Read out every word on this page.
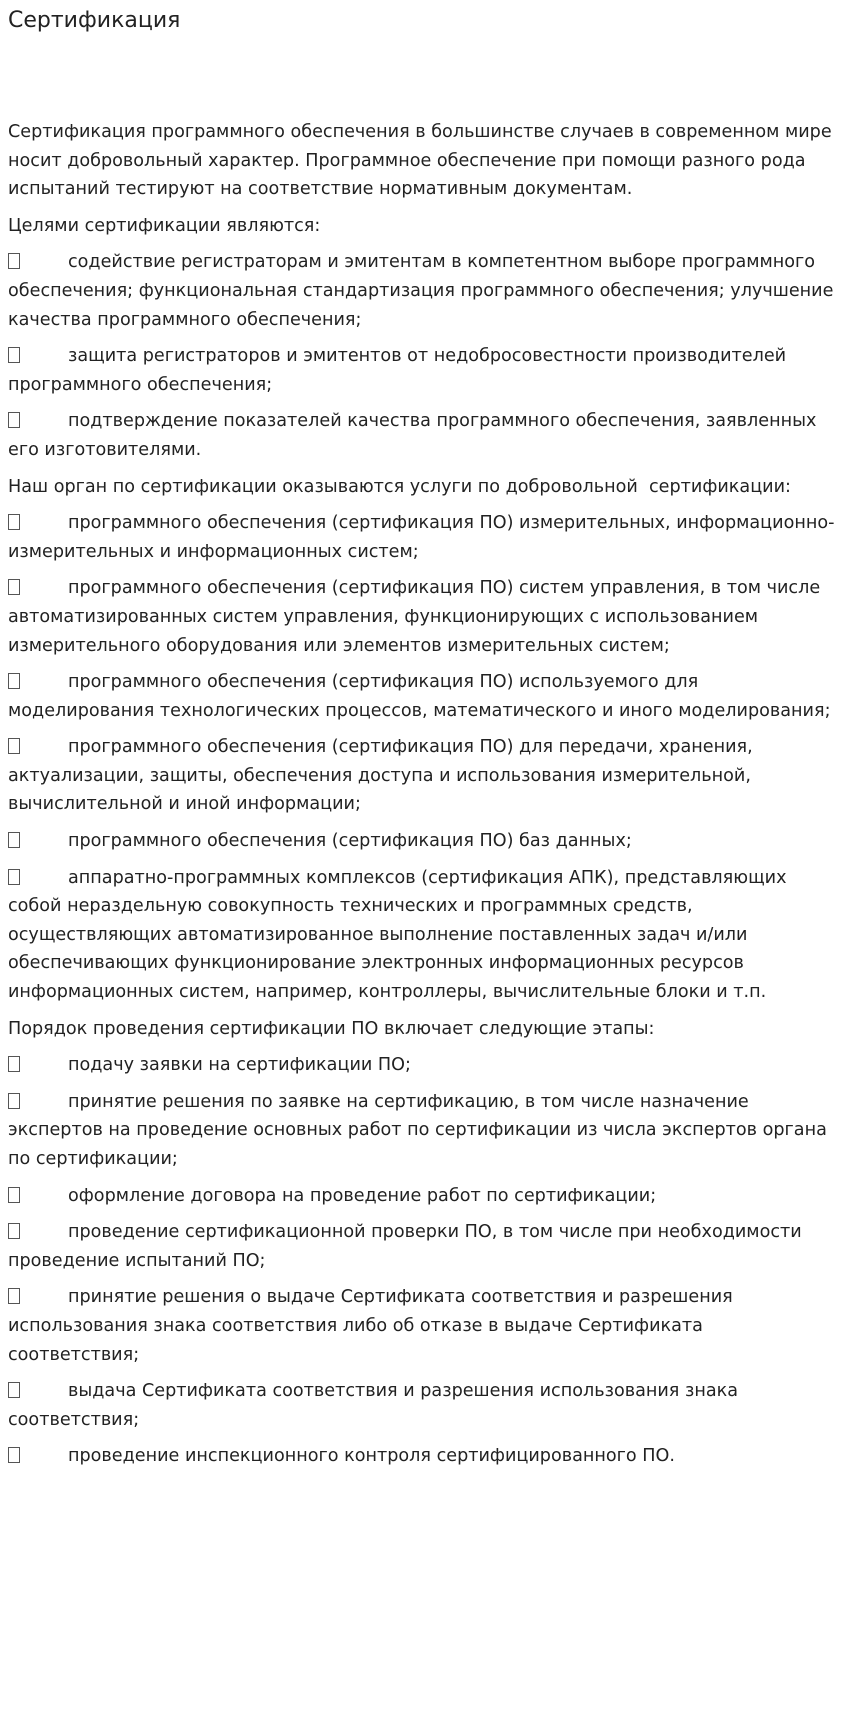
Сертификация

Сертификация программного обеспечения в большинстве случаев в современном мире носит добровольный характер. Программное обеспечение при помощи разного рода испытаний тестируют на соответствие нормативным документам.

Целями сертификации являются:

содействие регистраторам и эмитентам в компетентном выборе программного обеспечения; функциональная стандартизация программного обеспечения; улучшение качества программного обеспечения;

защита регистраторов и эмитентов от недобросовестности производителей программного обеспечения;

подтверждение показателей качества программного обеспечения, заявленных его изготовителями.

Наш орган по сертификации оказываются услуги по добровольной  сертификации:

программного обеспечения (сертификация ПО) измерительных, информационно-измерительных и информационных систем;

программного обеспечения (сертификация ПО) систем управления, в том числе автоматизированных систем управления, функционирующих с использованием измерительного оборудования или элементов измерительных систем;

программного обеспечения (сертификация ПО) используемого для моделирования технологических процессов, математического и иного моделирования;

программного обеспечения (сертификация ПО) для передачи, хранения, актуализации, защиты, обеспечения доступа и использования измерительной, вычислительной и иной информации;

программного обеспечения (сертификация ПО) баз данных;

аппаратно-программных комплексов (сертификация АПК), представляющих собой нераздельную совокупность технических и программных средств, осуществляющих автоматизированное выполнение поставленных задач и/или обеспечивающих функционирование электронных информационных ресурсов информационных систем, например, контроллеры, вычислительные блоки и т.п.

Порядок проведения сертификации ПО включает следующие этапы:

подачу заявки на сертификации ПО;

принятие решения по заявке на сертификацию, в том числе назначение экспертов на проведение основных работ по сертификации из числа экспертов органа по сертификации;

оформление договора на проведение работ по сертификации;

проведение сертификационной проверки ПО, в том числе при необходимости проведение испытаний ПО;

принятие решения о выдаче Сертификата соответствия и разрешения использования знака соответствия либо об отказе в выдаче Сертификата соответствия;

выдача Сертификата соответствия и разрешения использования знака соответствия;

проведение инспекционного контроля сертифицированного ПО.
